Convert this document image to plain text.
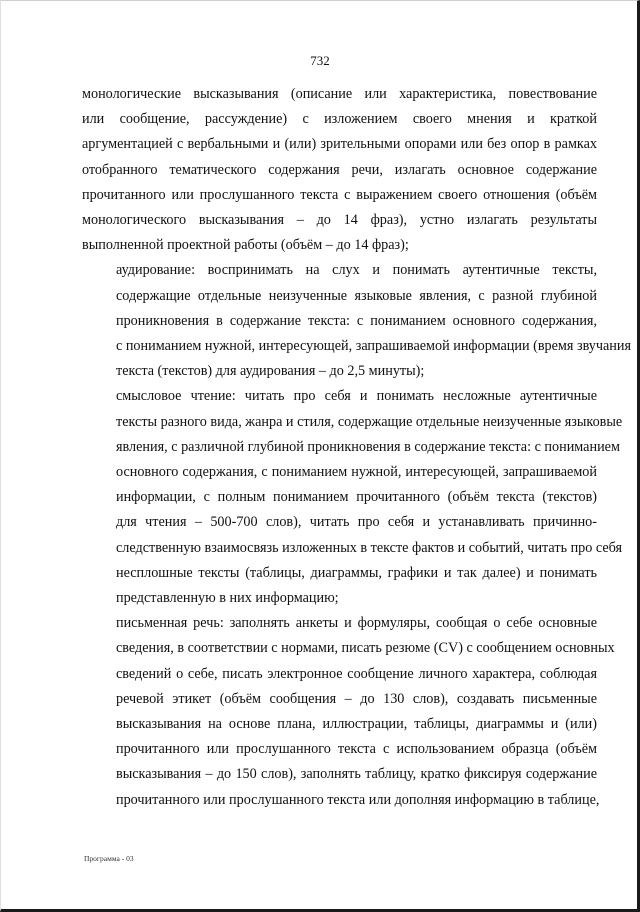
732

монологические высказывания (описание или характеристика, повествование
или сообщение, рассуждение) с изложением своего мнения и краткой
аргументацией с вербальными и (или) зрительными опорами или без опор в рамках
отобранного тематического содержания речи, излагать основное содержание
прочитанного или прослушанного текста с выражением своего отношения (объём
монологического высказывания – до 14 фраз), устно излагать результаты
выполненной проектной работы (объём – до 14 фраз);

аудирование: воспринимать на слух и понимать аутентичные тексты,
содержащие отдельные неизученные языковые явления, с разной глубиной
проникновения в содержание текста: с пониманием основного содержания,
с пониманием нужной, интересующей, запрашиваемой информации (время звучания
текста (текстов) для аудирования – до 2,5 минуты);

смысловое чтение: читать про себя и понимать несложные аутентичные
тексты разного вида, жанра и стиля, содержащие отдельные неизученные языковые
явления, с различной глубиной проникновения в содержание текста: с пониманием
основного содержания, с пониманием нужной, интересующей, запрашиваемой
информации, с полным пониманием прочитанного (объём текста (текстов)
для чтения – 500-700 слов), читать про себя и устанавливать причинно-
следственную взаимосвязь изложенных в тексте фактов и событий, читать про себя
несплошные тексты (таблицы, диаграммы, графики и так далее) и понимать
представленную в них информацию;

письменная речь: заполнять анкеты и формуляры, сообщая о себе основные
сведения, в соответствии с нормами, писать резюме (CV) с сообщением основных
сведений о себе, писать электронное сообщение личного характера, соблюдая
речевой этикет (объём сообщения – до 130 слов), создавать письменные
высказывания на основе плана, иллюстрации, таблицы, диаграммы и (или)
прочитанного или прослушанного текста с использованием образца (объём
высказывания – до 150 слов), заполнять таблицу, кратко фиксируя содержание
прочитанного или прослушанного текста или дополняя информацию в таблице,

Программа - 03
